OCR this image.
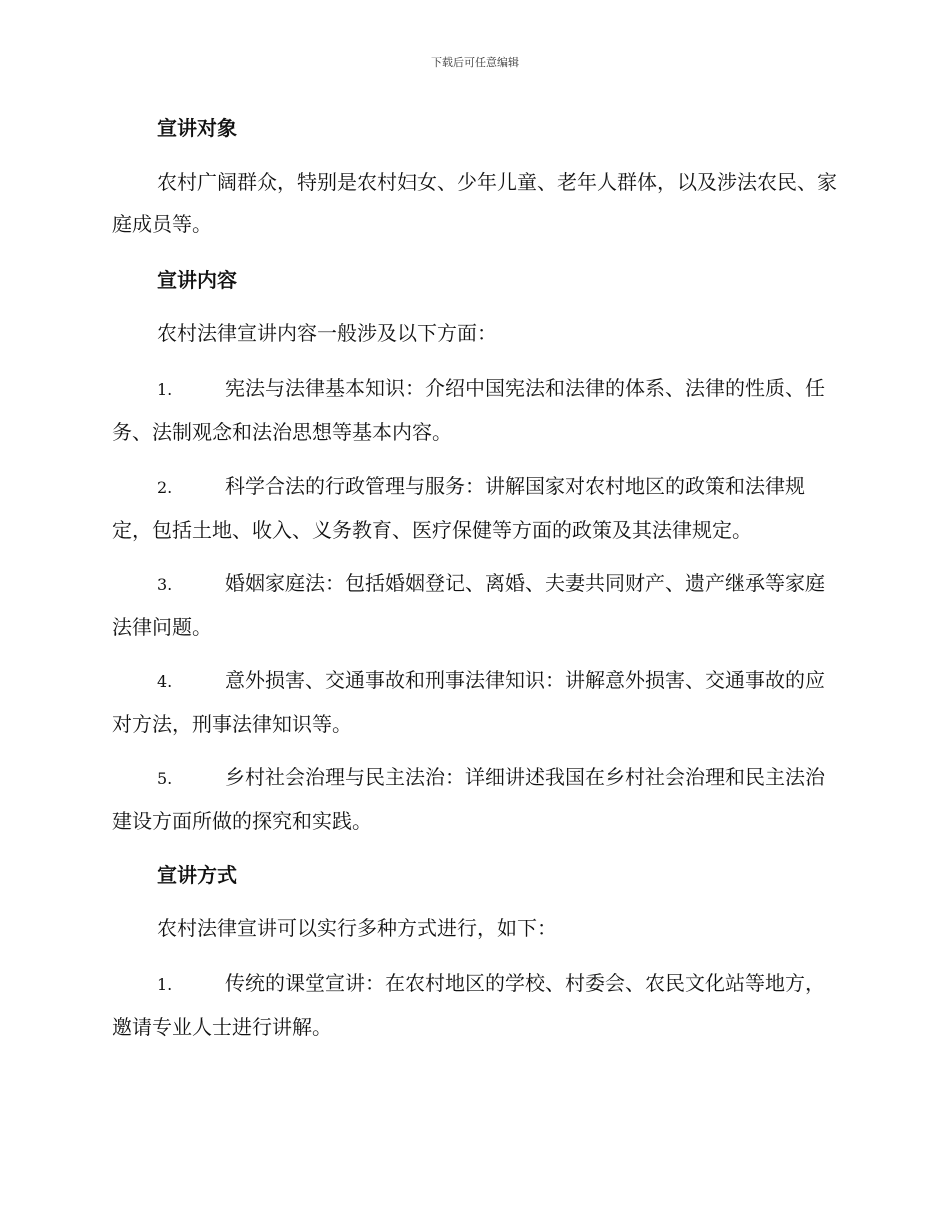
下载后可任意编辑
宣讲对象

农村广阔群众，特别是农村妇女、少年儿童、老年人群体，以及涉法农民、家庭成员等。

宣讲内容

农村法律宣讲内容一般涉及以下方面：

1.	宪法与法律基本知识：介绍中国宪法和法律的体系、法律的性质、任务、法制观念和法治思想等基本内容。

2.	科学合法的行政管理与服务：讲解国家对农村地区的政策和法律规定，包括土地、收入、义务教育、医疗保健等方面的政策及其法律规定。

3.	婚姻家庭法：包括婚姻登记、离婚、夫妻共同财产、遗产继承等家庭法律问题。

4.	意外损害、交通事故和刑事法律知识：讲解意外损害、交通事故的应对方法，刑事法律知识等。

5.	乡村社会治理与民主法治：详细讲述我国在乡村社会治理和民主法治建设方面所做的探究和实践。

宣讲方式

农村法律宣讲可以实行多种方式进行，如下：

1.	传统的课堂宣讲：在农村地区的学校、村委会、农民文化站等地方，邀请专业人士进行讲解。
